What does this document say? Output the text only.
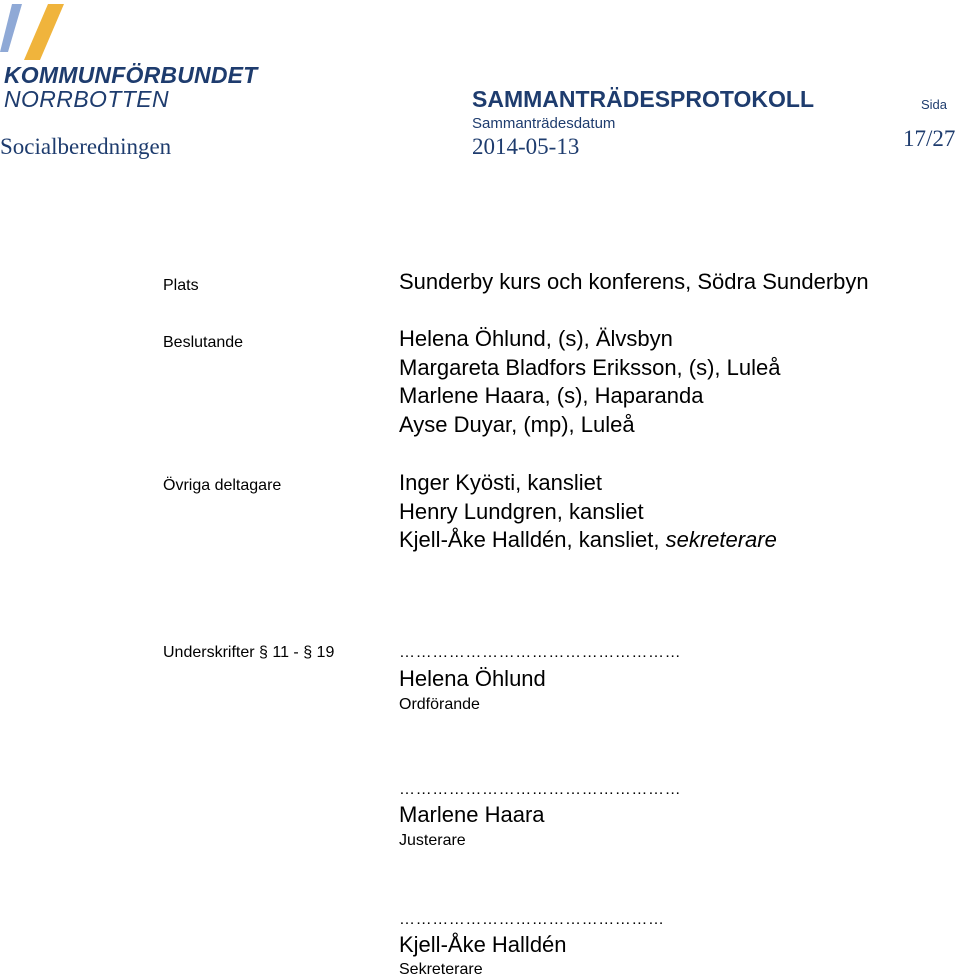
KOMMUNFÖRBUNDET
NORRBOTTEN	SAMMANTRÄDESPROTOKOLL	Sida
Sammanträdesdatum
Socialberedningen	2014-05-13	17/27
Plats	Sunderby kurs och konferens, Södra Sunderbyn
Beslutande	Helena Öhlund, (s), Älvsbyn
Margareta Bladfors Eriksson, (s), Luleå
Marlene Haara, (s), Haparanda
Ayse Duyar, (mp), Luleå
Övriga deltagare	Inger Kyösti, kansliet
Henry Lundgren, kansliet
Kjell-Åke Halldén, kansliet, sekreterare
Underskrifter § 11 - § 19	……………………………………………
Helena Öhlund
Ordförande
……………………………………………
Marlene Haara
Justerare
…………………………………………
Kjell-Åke Halldén
Sekreterare
